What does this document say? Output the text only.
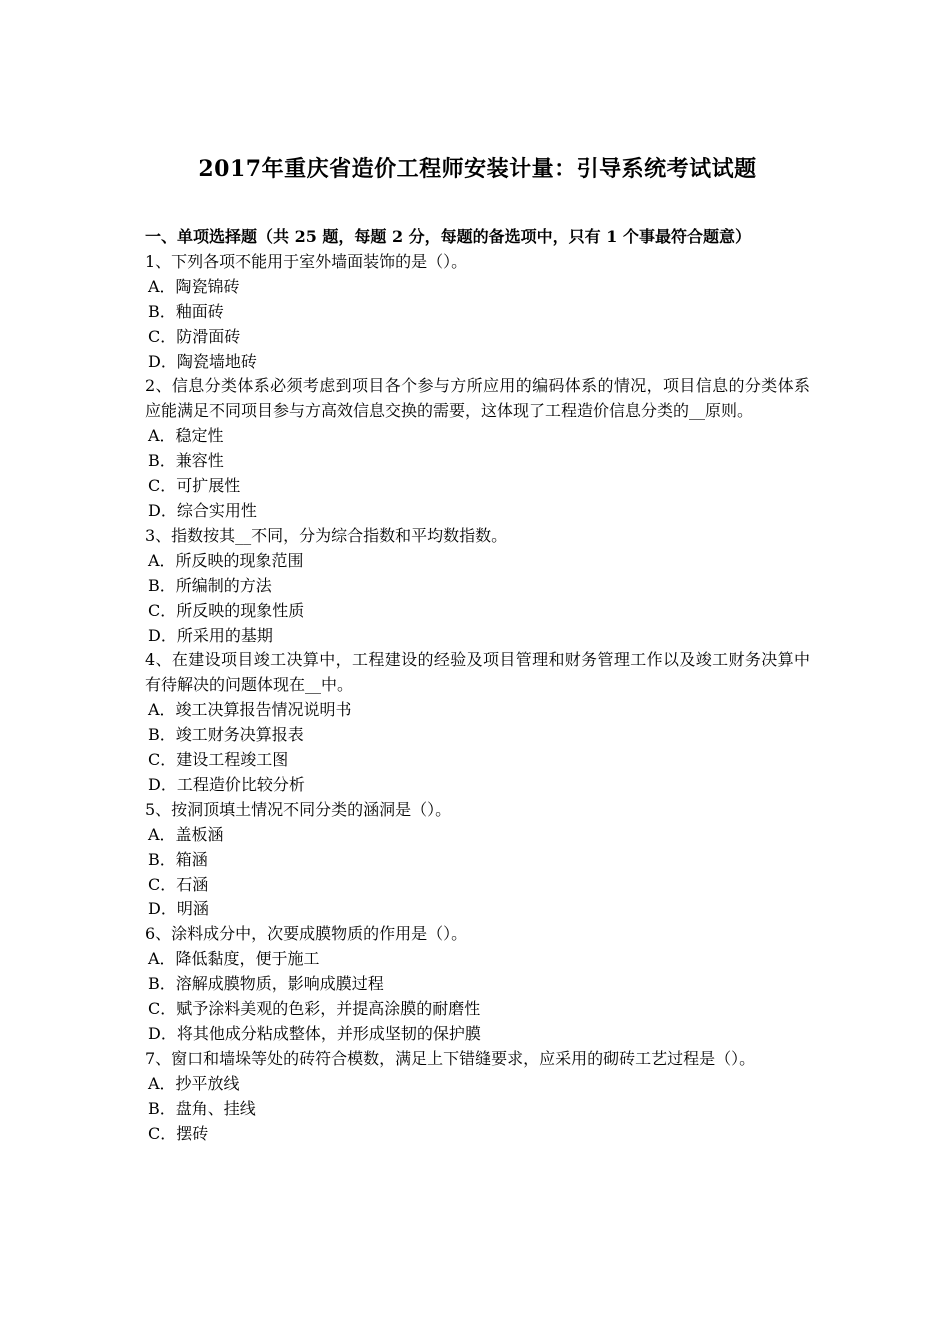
2017年重庆省造价工程师安装计量：引导系统考试试题
一、单项选择题（共 25 题，每题 2 分，每题的备选项中，只有 1 个事最符合题意）

1、下列各项不能用于室外墙面装饰的是（）。

A．陶瓷锦砖

B．釉面砖

C．防滑面砖

D．陶瓷墙地砖

2、信息分类体系必须考虑到项目各个参与方所应用的编码体系的情况，项目信息的分类体系应能满足不同项目参与方高效信息交换的需要，这体现了工程造价信息分类的__原则。

A．稳定性

B．兼容性

C．可扩展性

D．综合实用性

3、指数按其__不同，分为综合指数和平均数指数。

A．所反映的现象范围

B．所编制的方法

C．所反映的现象性质

D．所采用的基期

4、在建设项目竣工决算中，工程建设的经验及项目管理和财务管理工作以及竣工财务决算中有待解决的问题体现在__中。

A．竣工决算报告情况说明书

B．竣工财务决算报表

C．建设工程竣工图

D．工程造价比较分析

5、按洞顶填土情况不同分类的涵洞是（）。

A．盖板涵

B．箱涵

C．石涵

D．明涵

6、涂料成分中，次要成膜物质的作用是（）。

A．降低黏度，便于施工

B．溶解成膜物质，影响成膜过程

C．赋予涂料美观的色彩，并提高涂膜的耐磨性

D．将其他成分粘成整体，并形成坚韧的保护膜

7、窗口和墙垛等处的砖符合模数，满足上下错缝要求，应采用的砌砖工艺过程是（）。

A．抄平放线

B．盘角、挂线

C．摆砖
